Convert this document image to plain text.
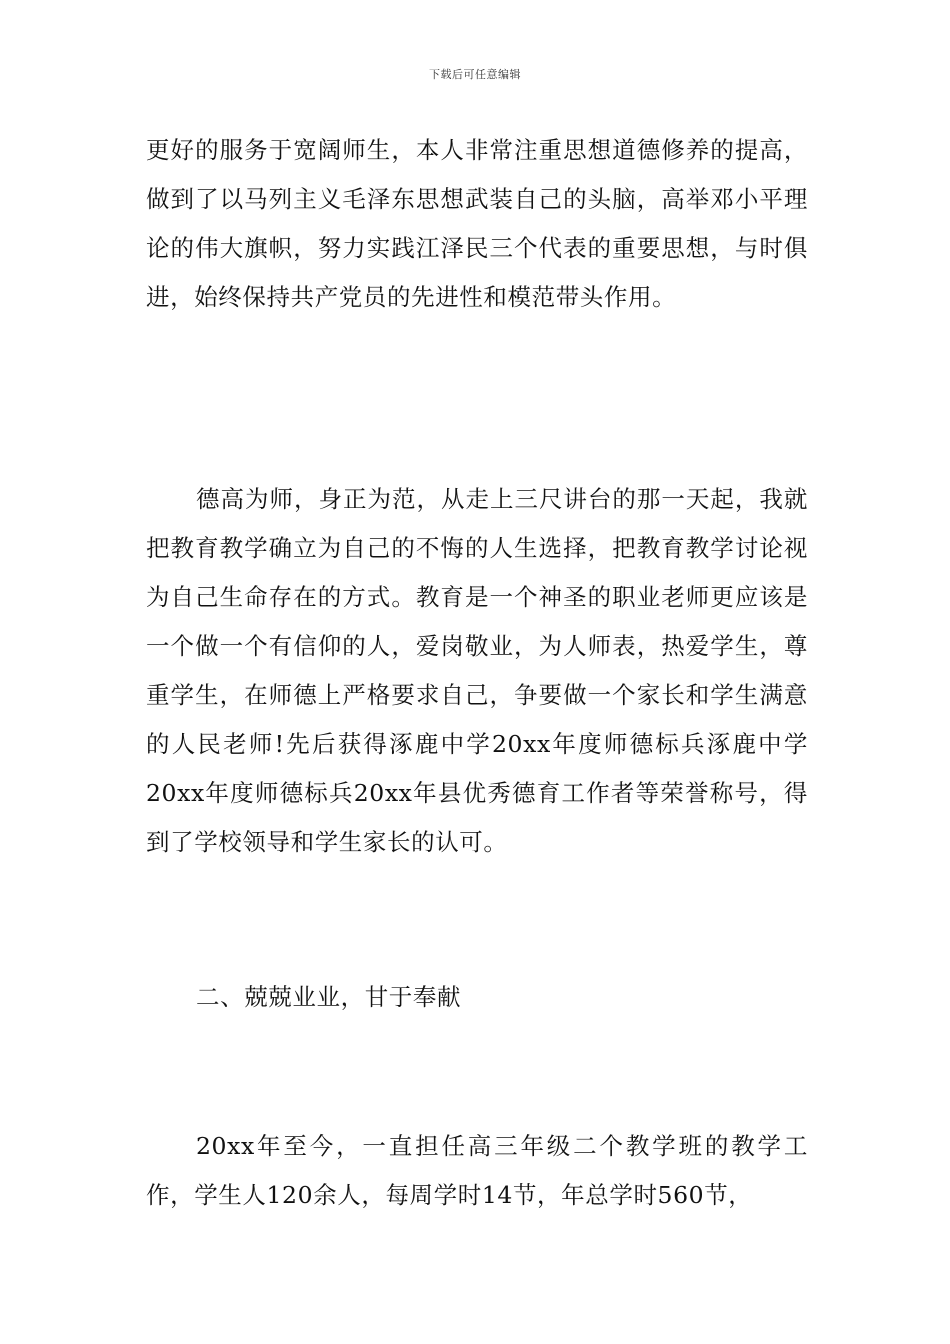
下载后可任意编辑

更好的服务于宽阔师生，本人非常注重思想道德修养的提高，做到了以马列主义毛泽东思想武装自己的头脑，高举邓小平理论的伟大旗帜，努力实践江泽民三个代表的重要思想，与时俱进，始终保持共产党员的先进性和模范带头作用。

德高为师，身正为范，从走上三尺讲台的那一天起，我就把教育教学确立为自己的不悔的人生选择，把教育教学讨论视为自己生命存在的方式。教育是一个神圣的职业老师更应该是一个做一个有信仰的人，爱岗敬业，为人师表，热爱学生，尊重学生，在师德上严格要求自己，争要做一个家长和学生满意的人民老师!先后获得涿鹿中学20xx年度师德标兵涿鹿中学20xx年度师德标兵20xx年县优秀德育工作者等荣誉称号，得到了学校领导和学生家长的认可。

二、兢兢业业，甘于奉献

20xx年至今，一直担任高三年级二个教学班的教学工作，学生人120余人，每周学时14节，年总学时560节，
